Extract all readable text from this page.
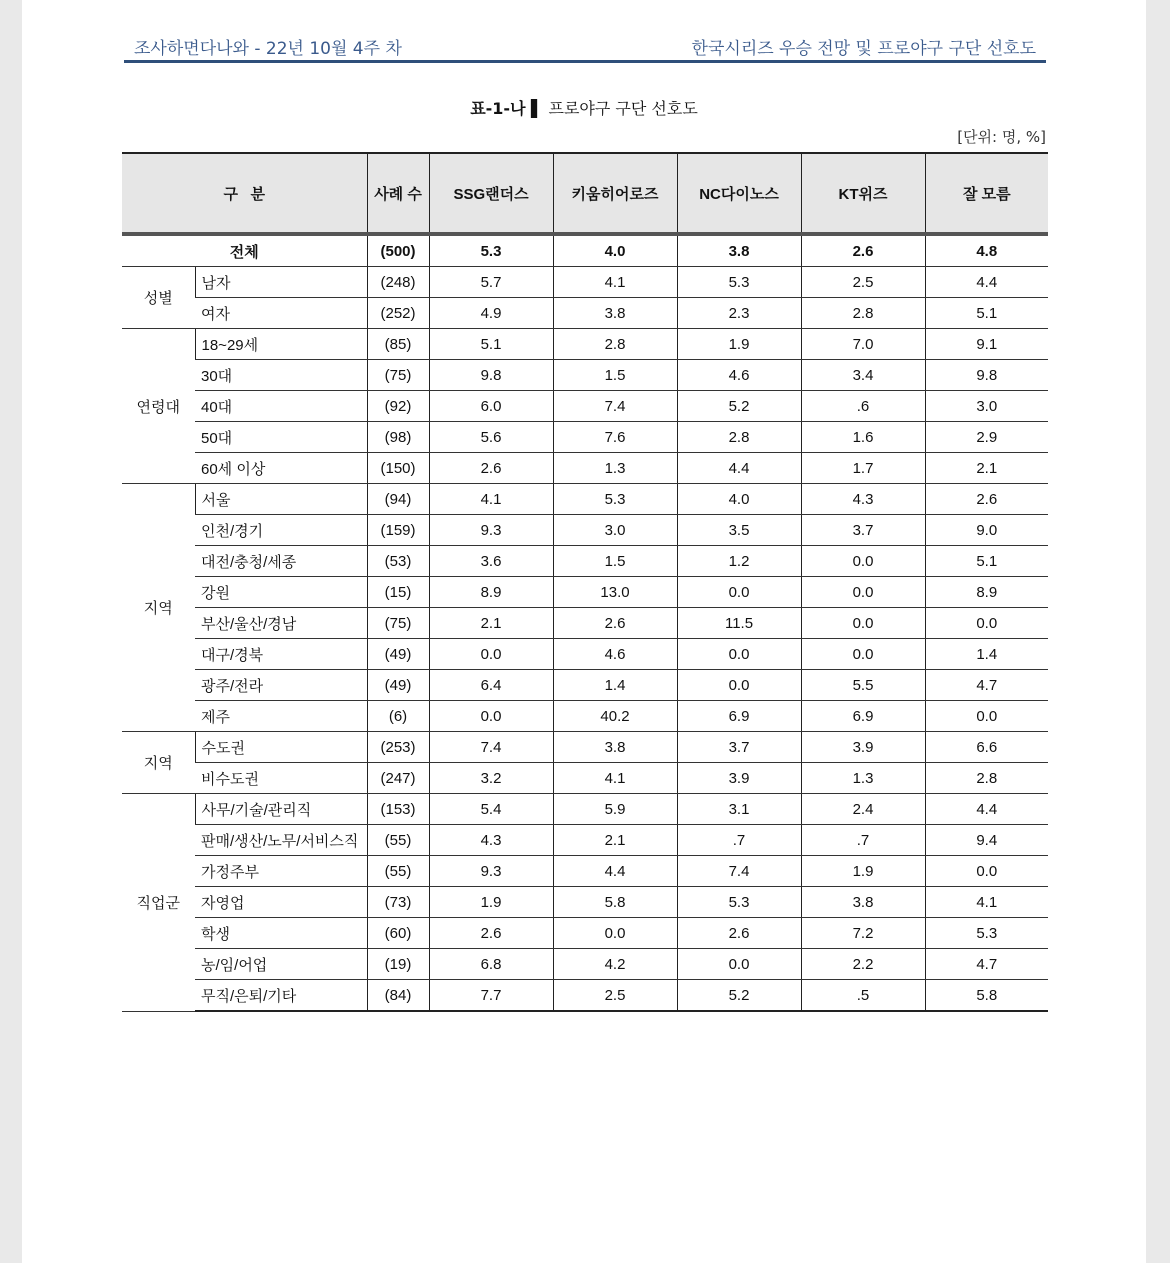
조사하면다나와 - 22년 10월 4주 차	한국시리즈 우승 전망 및 프로야구 구단 선호도
표-1-나 ▌ 프로야구 구단 선호도
[단위: 명, %]
구   분		사례 수	SSG랜더스	키움히어로즈	NC다이노스	KT위즈	잘 모름
전체		(500)	5.3	4.0	3.8	2.6	4.8
성별	남자	(248)	5.7	4.1	5.3	2.5	4.4
	여자	(252)	4.9	3.8	2.3	2.8	5.1
연령대	18~29세	(85)	5.1	2.8	1.9	7.0	9.1
	30대	(75)	9.8	1.5	4.6	3.4	9.8
	40대	(92)	6.0	7.4	5.2	.6	3.0
	50대	(98)	5.6	7.6	2.8	1.6	2.9
	60세 이상	(150)	2.6	1.3	4.4	1.7	2.1
지역	서울	(94)	4.1	5.3	4.0	4.3	2.6
	인천/경기	(159)	9.3	3.0	3.5	3.7	9.0
	대전/충청/세종	(53)	3.6	1.5	1.2	0.0	5.1
	강원	(15)	8.9	13.0	0.0	0.0	8.9
	부산/울산/경남	(75)	2.1	2.6	11.5	0.0	0.0
	대구/경북	(49)	0.0	4.6	0.0	0.0	1.4
	광주/전라	(49)	6.4	1.4	0.0	5.5	4.7
	제주	(6)	0.0	40.2	6.9	6.9	0.0
지역	수도권	(253)	7.4	3.8	3.7	3.9	6.6
	비수도권	(247)	3.2	4.1	3.9	1.3	2.8
직업군	사무/기술/관리직	(153)	5.4	5.9	3.1	2.4	4.4
	판매/생산/노무/서비스직	(55)	4.3	2.1	.7	.7	9.4
	가정주부	(55)	9.3	4.4	7.4	1.9	0.0
	자영업	(73)	1.9	5.8	5.3	3.8	4.1
	학생	(60)	2.6	0.0	2.6	7.2	5.3
	농/임/어업	(19)	6.8	4.2	0.0	2.2	4.7
	무직/은퇴/기타	(84)	7.7	2.5	5.2	.5	5.8
